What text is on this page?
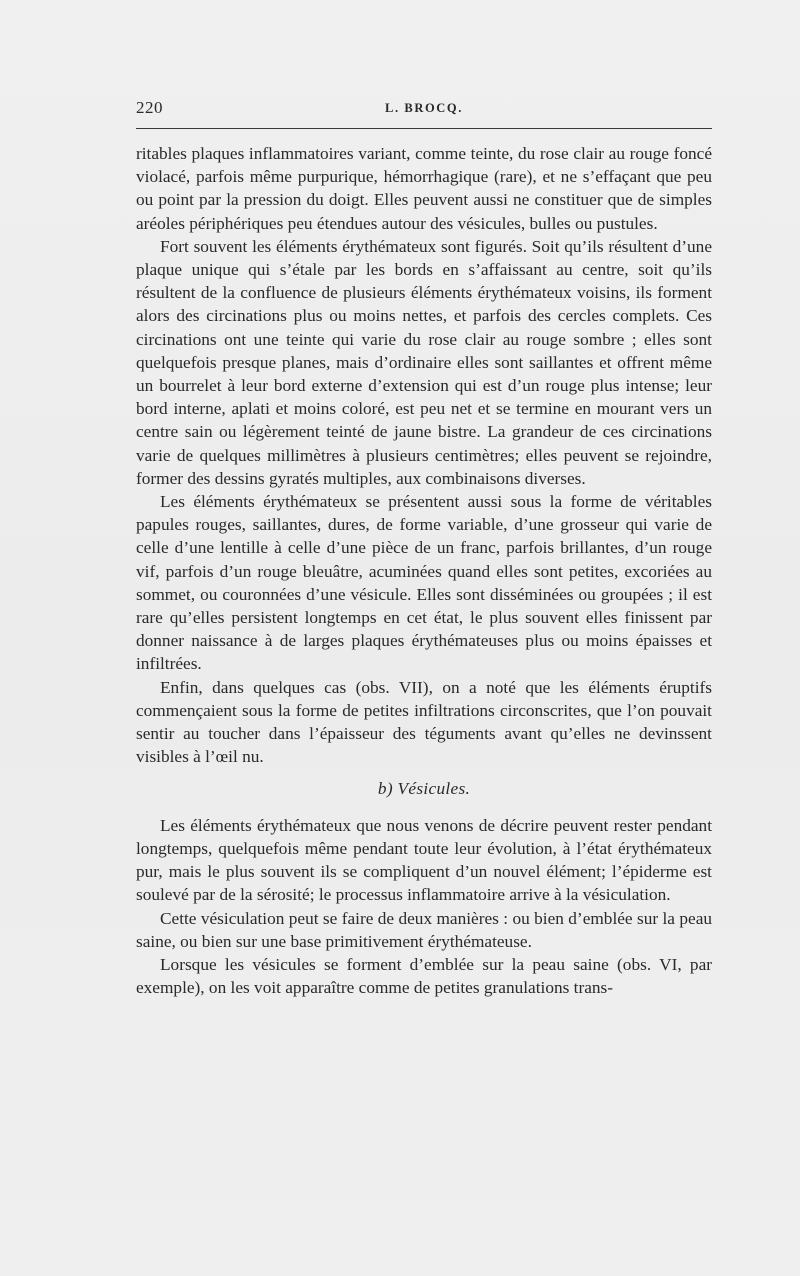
220	L. BROCQ.

ritables plaques inflammatoires variant, comme teinte, du rose clair au rouge foncé violacé, parfois même purpurique, hémorrhagique (rare), et ne s’effaçant que peu ou point par la pression du doigt. Elles peuvent aussi ne constituer que de simples aréoles périphériques peu étendues autour des vésicules, bulles ou pustules.

Fort souvent les éléments érythémateux sont figurés. Soit qu’ils résultent d’une plaque unique qui s’étale par les bords en s’affaissant au centre, soit qu’ils résultent de la confluence de plusieurs éléments érythémateux voisins, ils forment alors des circinations plus ou moins nettes, et parfois des cercles complets. Ces circinations ont une teinte qui varie du rose clair au rouge sombre ; elles sont quelquefois presque planes, mais d’ordinaire elles sont saillantes et offrent même un bourrelet à leur bord externe d’extension qui est d’un rouge plus intense; leur bord interne, aplati et moins coloré, est peu net et se termine en mourant vers un centre sain ou légèrement teinté de jaune bistre. La grandeur de ces circinations varie de quelques millimètres à plusieurs centimètres; elles peuvent se rejoindre, former des dessins gyratés multiples, aux combinaisons diverses.

Les éléments érythémateux se présentent aussi sous la forme de véritables papules rouges, saillantes, dures, de forme variable, d’une grosseur qui varie de celle d’une lentille à celle d’une pièce de un franc, parfois brillantes, d’un rouge vif, parfois d’un rouge bleuâtre, acuminées quand elles sont petites, excoriées au sommet, ou couronnées d’une vésicule. Elles sont disséminées ou groupées ; il est rare qu’elles persistent longtemps en cet état, le plus souvent elles finissent par donner naissance à de larges plaques érythémateuses plus ou moins épaisses et infiltrées.

Enfin, dans quelques cas (obs. VII), on a noté que les éléments éruptifs commençaient sous la forme de petites infiltrations circonscrites, que l’on pouvait sentir au toucher dans l’épaisseur des téguments avant qu’elles ne devinssent visibles à l’œil nu.

b) Vésicules.

Les éléments érythémateux que nous venons de décrire peuvent rester pendant longtemps, quelquefois même pendant toute leur évolution, à l’état érythémateux pur, mais le plus souvent ils se compliquent d’un nouvel élément; l’épiderme est soulevé par de la sérosité; le processus inflammatoire arrive à la vésiculation.

Cette vésiculation peut se faire de deux manières : ou bien d’emblée sur la peau saine, ou bien sur une base primitivement érythémateuse.

Lorsque les vésicules se forment d’emblée sur la peau saine (obs. VI, par exemple), on les voit apparaître comme de petites granulations trans-
